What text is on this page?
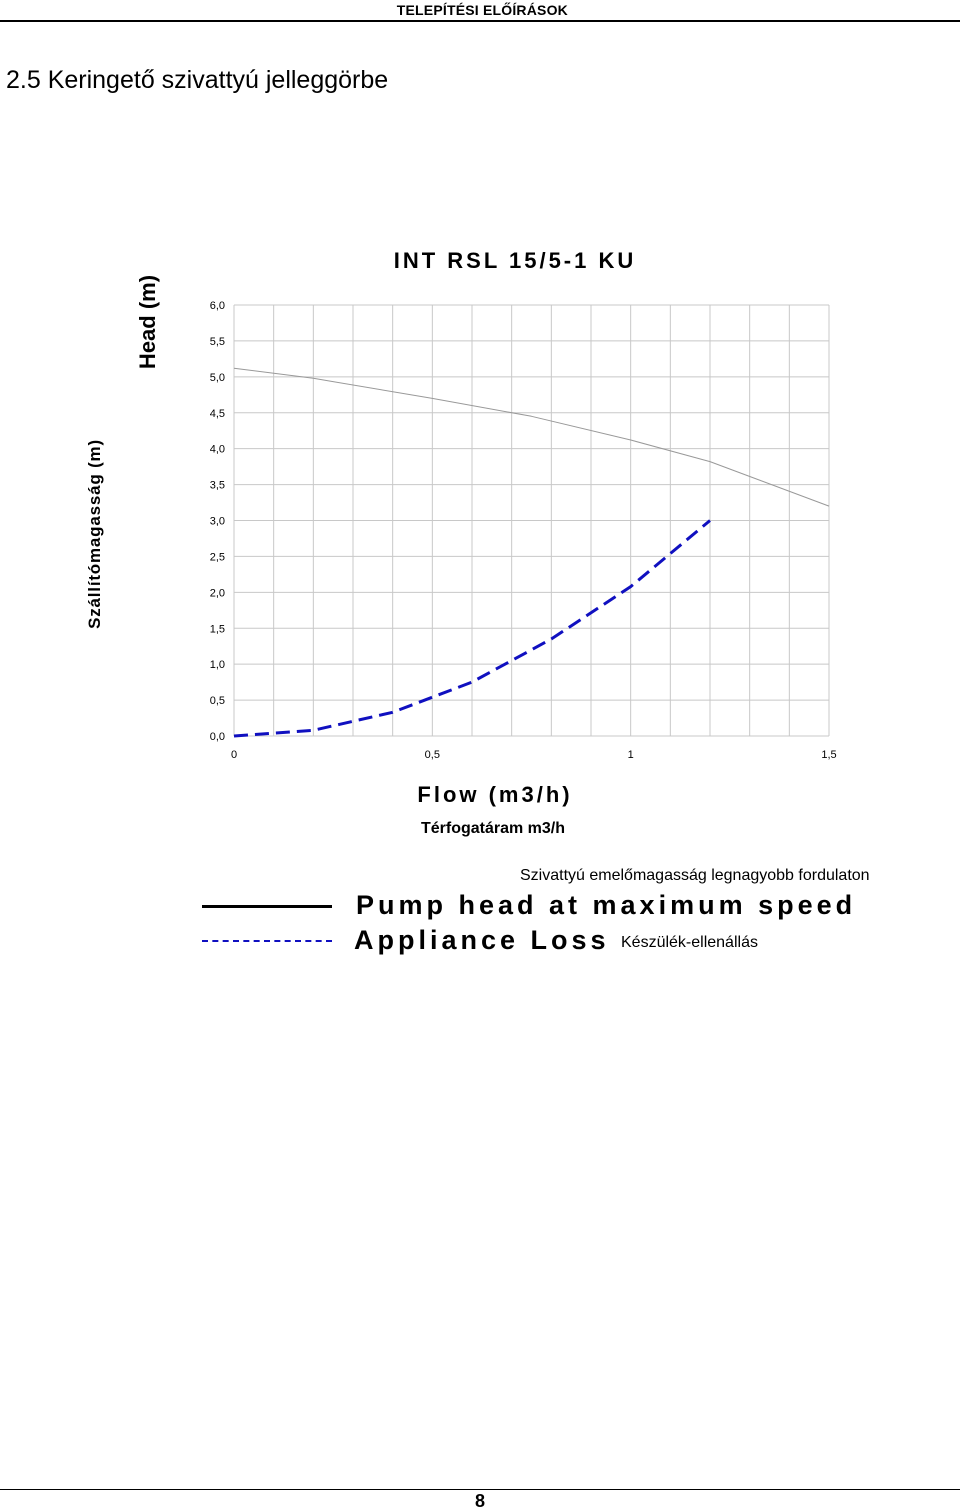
TELEPÍTÉSI ELŐÍRÁSOK
2.5 Keringető szivattyú jelleggörbe
INT RSL 15/5-1 KU
Head (m)
Szállítómagasság (m)
0,0
0,5
1,0
1,5
2,0
2,5
3,0
3,5
4,0
4,5
5,0
5,5
6,0
0	0,5	1	1,5
Flow (m3/h)
Térfogatáram m3/h
Szivattyú emelőmagasság legnagyobb fordulaton
Pump head at maximum speed
Appliance Loss Készülék-ellenállás
8
